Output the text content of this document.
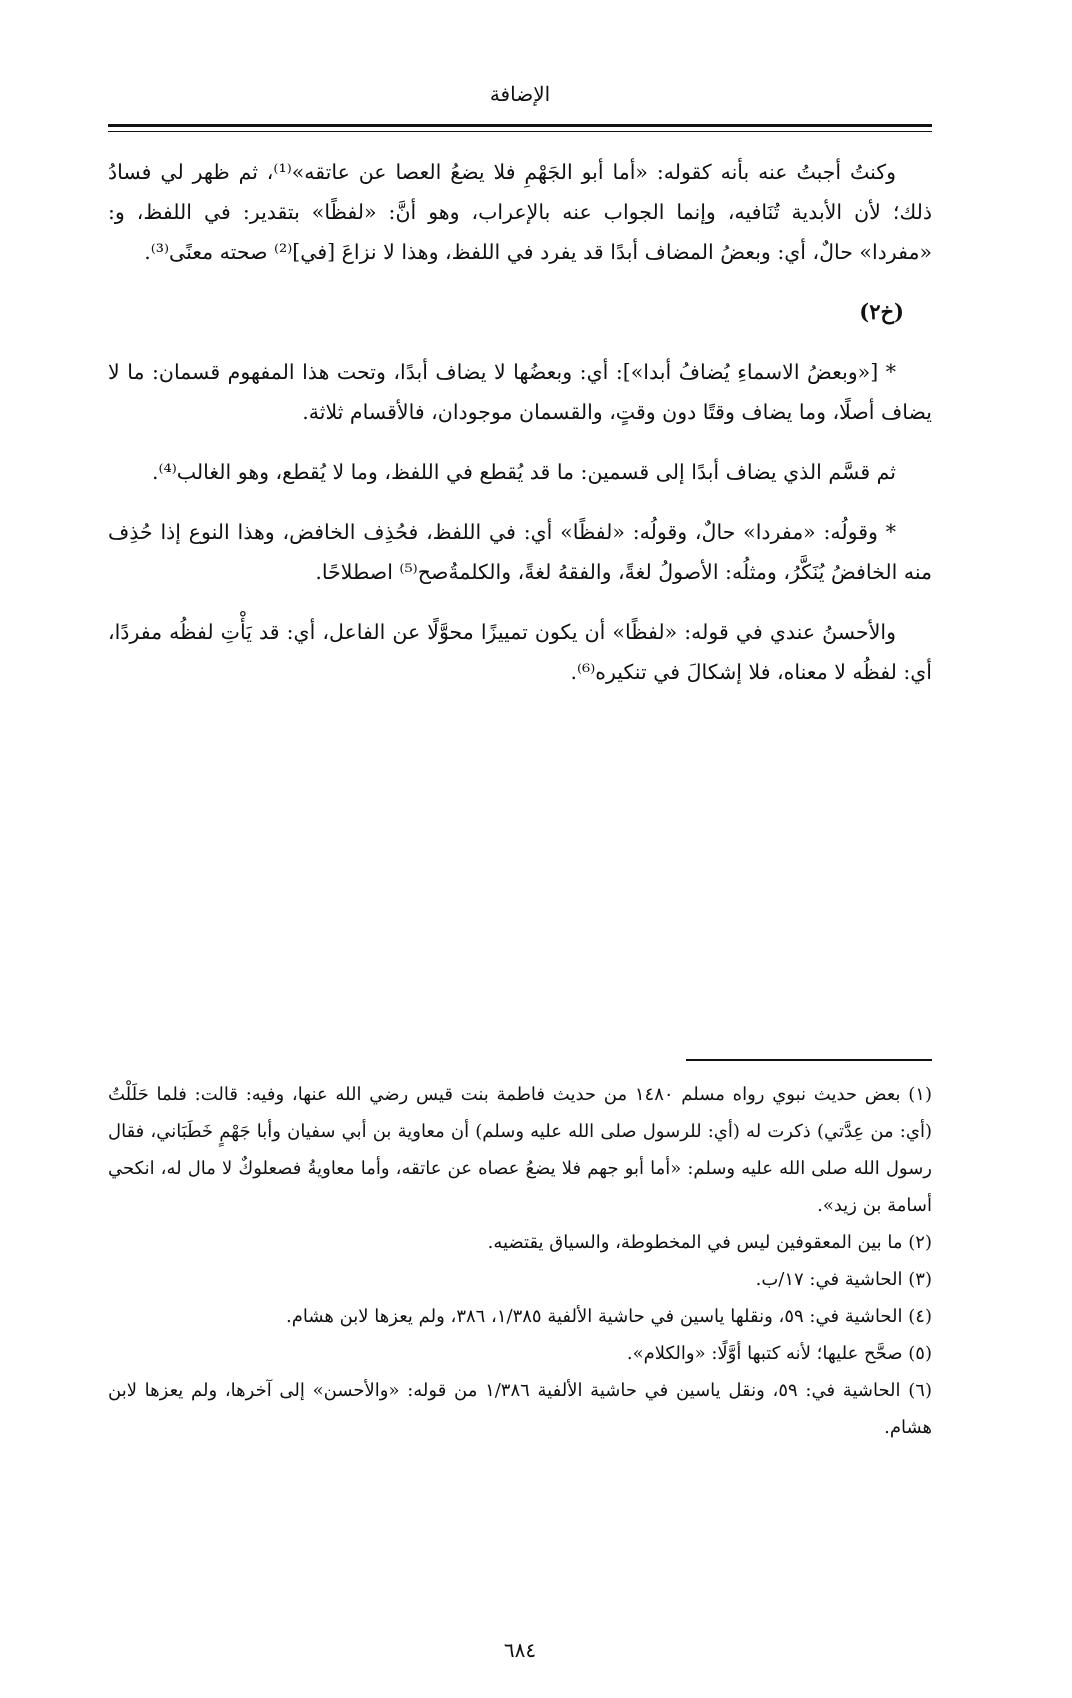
الإضافة

وكنتُ أجبتُ عنه بأنه كقوله: «أما أبو الجَهْمِ فلا يضعُ العصا عن عاتقه»⁽¹⁾، ثم ظهر لي فسادُ ذلك؛ لأن الأبدية تُنَافيه، وإنما الجواب عنه بالإعراب، وهو أنَّ: «لفظًا» بتقدير: في اللفظ، و: «مفردا» حالٌ، أي: وبعضُ المضاف أبدًا قد يفرد في اللفظ، وهذا لا نزاعَ [في]⁽²⁾ صحته معنًى⁽³⁾.

(خ٢)

* [«وبعضُ الاسماءِ يُضافُ أبدا»]: أي: وبعضُها لا يضاف أبدًا، وتحت هذا المفهوم قسمان: ما لا يضاف أصلًا، وما يضاف وقتًا دون وقتٍ، والقسمان موجودان، فالأقسام ثلاثة.

ثم قسَّم الذي يضاف أبدًا إلى قسمين: ما قد يُقطع في اللفظ، وما لا يُقطع، وهو الغالب⁽⁴⁾.

* وقولُه: «مفردا» حالٌ، وقولُه: «لفظًا» أي: في اللفظ، فحُذِف الخافض، وهذا النوع إذا حُذِف منه الخافضُ يُنَكَّرُ، ومثلُه: الأصولُ لغةً، والفقهُ لغةً، والكلمةُصح⁽⁵⁾ اصطلاحًا.

والأحسنُ عندي في قوله: «لفظًا» أن يكون تمييزًا محوَّلًا عن الفاعل، أي: قد يَأْتِ لفظُه مفردًا، أي: لفظُه لا معناه، فلا إشكالَ في تنكيره⁽⁶⁾.

(١) بعض حديث نبوي رواه مسلم ١٤٨٠ من حديث فاطمة بنت قيس رضي الله عنها، وفيه: قالت: فلما حَلَلْتُ (أي: من عِدَّتي) ذكرت له (أي: للرسول صلى الله عليه وسلم) أن معاوية بن أبي سفيان وأبا جَهْمٍ خَطَبَاني، فقال رسول الله صلى الله عليه وسلم: «أما أبو جهم فلا يضعُ عصاه عن عاتقه، وأما معاويةُ فصعلوكٌ لا مال له، انكحي أسامة بن زيد».

(٢) ما بين المعقوفين ليس في المخطوطة، والسياق يقتضيه.

(٣) الحاشية في: ١٧/ب.

(٤) الحاشية في: ٥٩، ونقلها ياسين في حاشية الألفية ١/٣٨٥، ٣٨٦، ولم يعزها لابن هشام.

(٥) صحَّح عليها؛ لأنه كتبها أوَّلًا: «والكلام».

(٦) الحاشية في: ٥٩، ونقل ياسين في حاشية الألفية ١/٣٨٦ من قوله: «والأحسن» إلى آخرها، ولم يعزها لابن هشام.

٦٨٤
